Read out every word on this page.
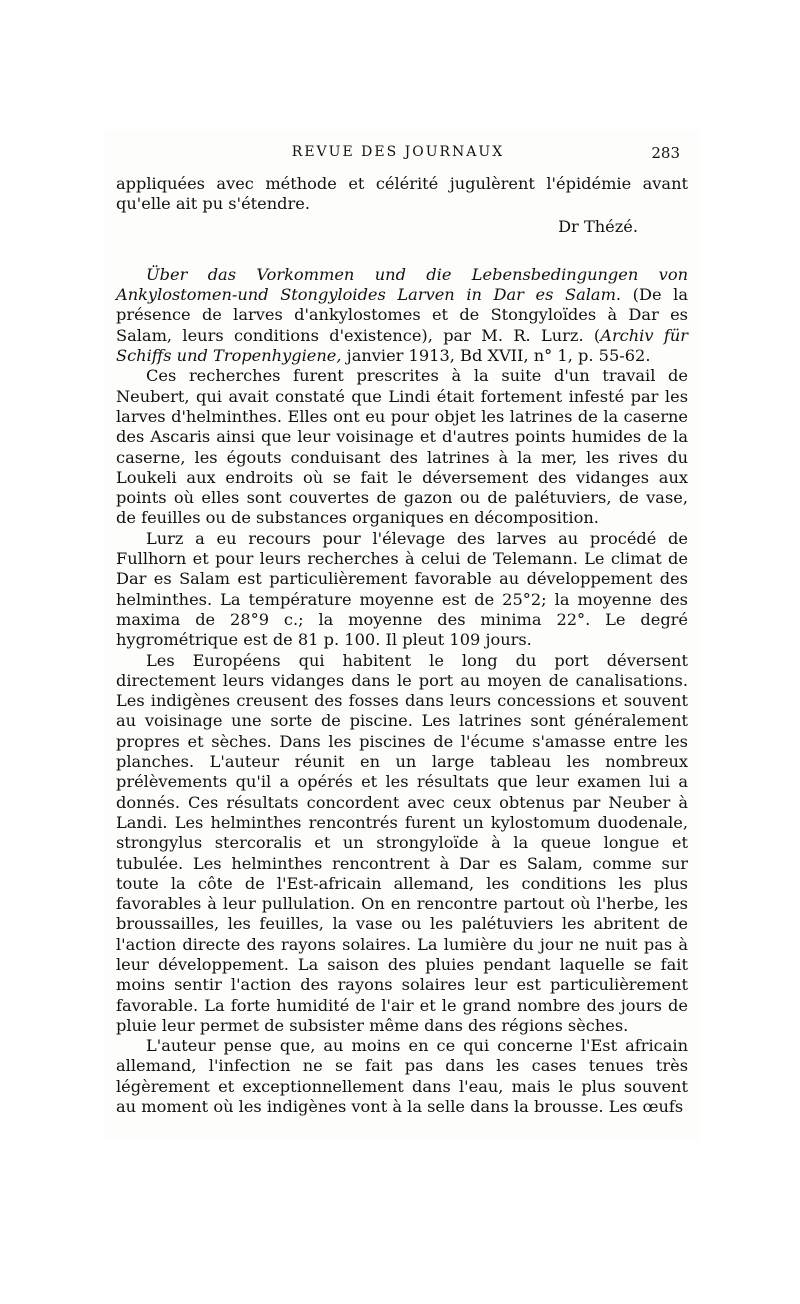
REVUE DES JOURNAUX	283

appliquées avec méthode et célérité jugulèrent l'épidémie avant qu'elle ait pu s'étendre.

Dr Thézé.

Über das Vorkommen und die Lebensbedingungen von Ankylostomen-und Stongyloides Larven in Dar es Salam. (De la présence de larves d'ankylostomes et de Stongyloïdes à Dar es Salam, leurs conditions d'existence), par M. R. Lurz. (Archiv für Schiffs und Tropenhygiene, janvier 1913, Bd XVII, n° 1, p. 55-62.

Ces recherches furent prescrites à la suite d'un travail de Neubert, qui avait constaté que Lindi était fortement infesté par les larves d'helminthes. Elles ont eu pour objet les latrines de la caserne des Ascaris ainsi que leur voisinage et d'autres points humides de la caserne, les égouts conduisant des latrines à la mer, les rives du Loukeli aux endroits où se fait le déversement des vidanges aux points où elles sont couvertes de gazon ou de palétuviers, de vase, de feuilles ou de substances organiques en décomposition.

Lurz a eu recours pour l'élevage des larves au procédé de Fullhorn et pour leurs recherches à celui de Telemann. Le climat de Dar es Salam est particulièrement favorable au développement des helminthes. La température moyenne est de 25°2; la moyenne des maxima de 28°9 c.; la moyenne des minima 22°. Le degré hygrométrique est de 81 p. 100. Il pleut 109 jours.

Les Européens qui habitent le long du port déversent directement leurs vidanges dans le port au moyen de canalisations. Les indigènes creusent des fosses dans leurs concessions et souvent au voisinage une sorte de piscine. Les latrines sont généralement propres et sèches. Dans les piscines de l'écume s'amasse entre les planches. L'auteur réunit en un large tableau les nombreux prélèvements qu'il a opérés et les résultats que leur examen lui a donnés. Ces résultats concordent avec ceux obtenus par Neuber à Landi. Les helminthes rencontrés furent un kylostomum duodenale, strongylus stercoralis et un strongyloïde à la queue longue et tubulée. Les helminthes rencontrent à Dar es Salam, comme sur toute la côte de l'Est-africain allemand, les conditions les plus favorables à leur pullulation. On en rencontre partout où l'herbe, les broussailles, les feuilles, la vase ou les palétuviers les abritent de l'action directe des rayons solaires. La lumière du jour ne nuit pas à leur développement. La saison des pluies pendant laquelle se fait moins sentir l'action des rayons solaires leur est particulièrement favorable. La forte humidité de l'air et le grand nombre des jours de pluie leur permet de subsister même dans des régions sèches.

L'auteur pense que, au moins en ce qui concerne l'Est africain allemand, l'infection ne se fait pas dans les cases tenues très légèrement et exceptionnellement dans l'eau, mais le plus souvent au moment où les indigènes vont à la selle dans la brousse. Les œufs
